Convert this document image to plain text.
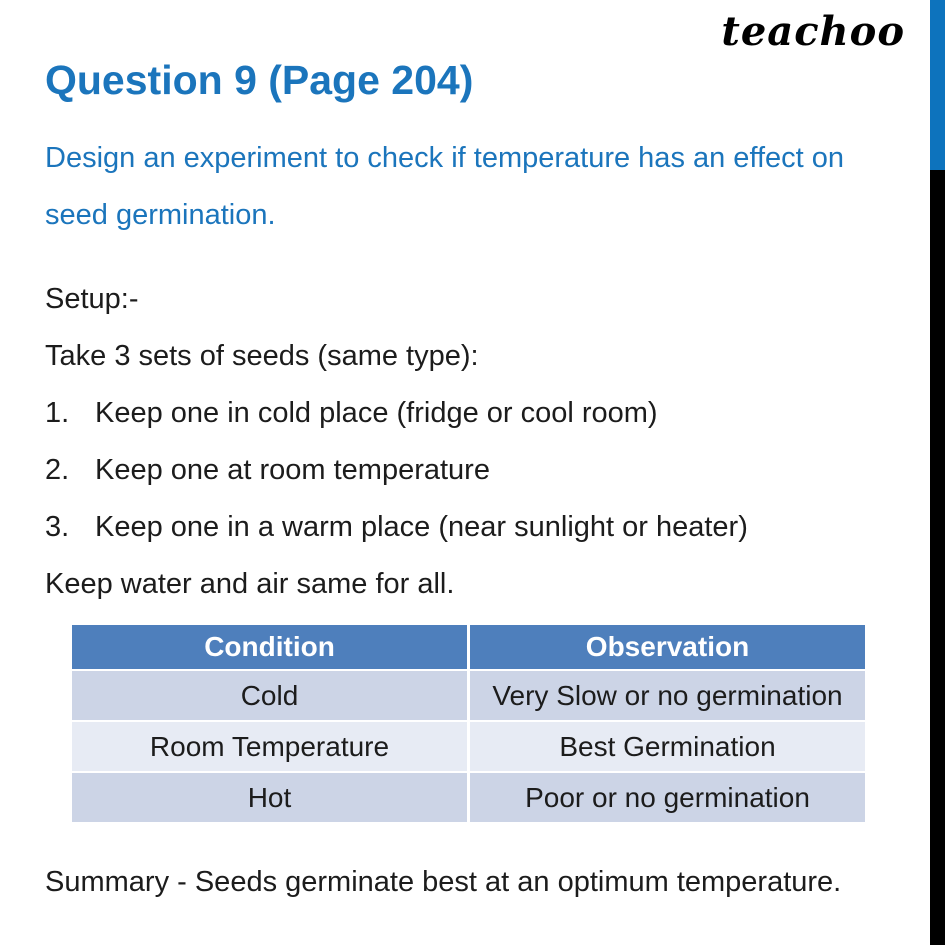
teachoo
Question 9 (Page 204)
Design an experiment to check if temperature has an effect on
seed germination.
Setup:-
Take 3 sets of seeds (same type):
1. Keep one in cold place (fridge or cool room)
2. Keep one at room temperature
3. Keep one in a warm place (near sunlight or heater)
Keep water and air same for all.
Condition	Observation
Cold	Very Slow or no germination
Room Temperature	Best Germination
Hot	Poor or no germination
Summary - Seeds germinate best at an optimum temperature.
